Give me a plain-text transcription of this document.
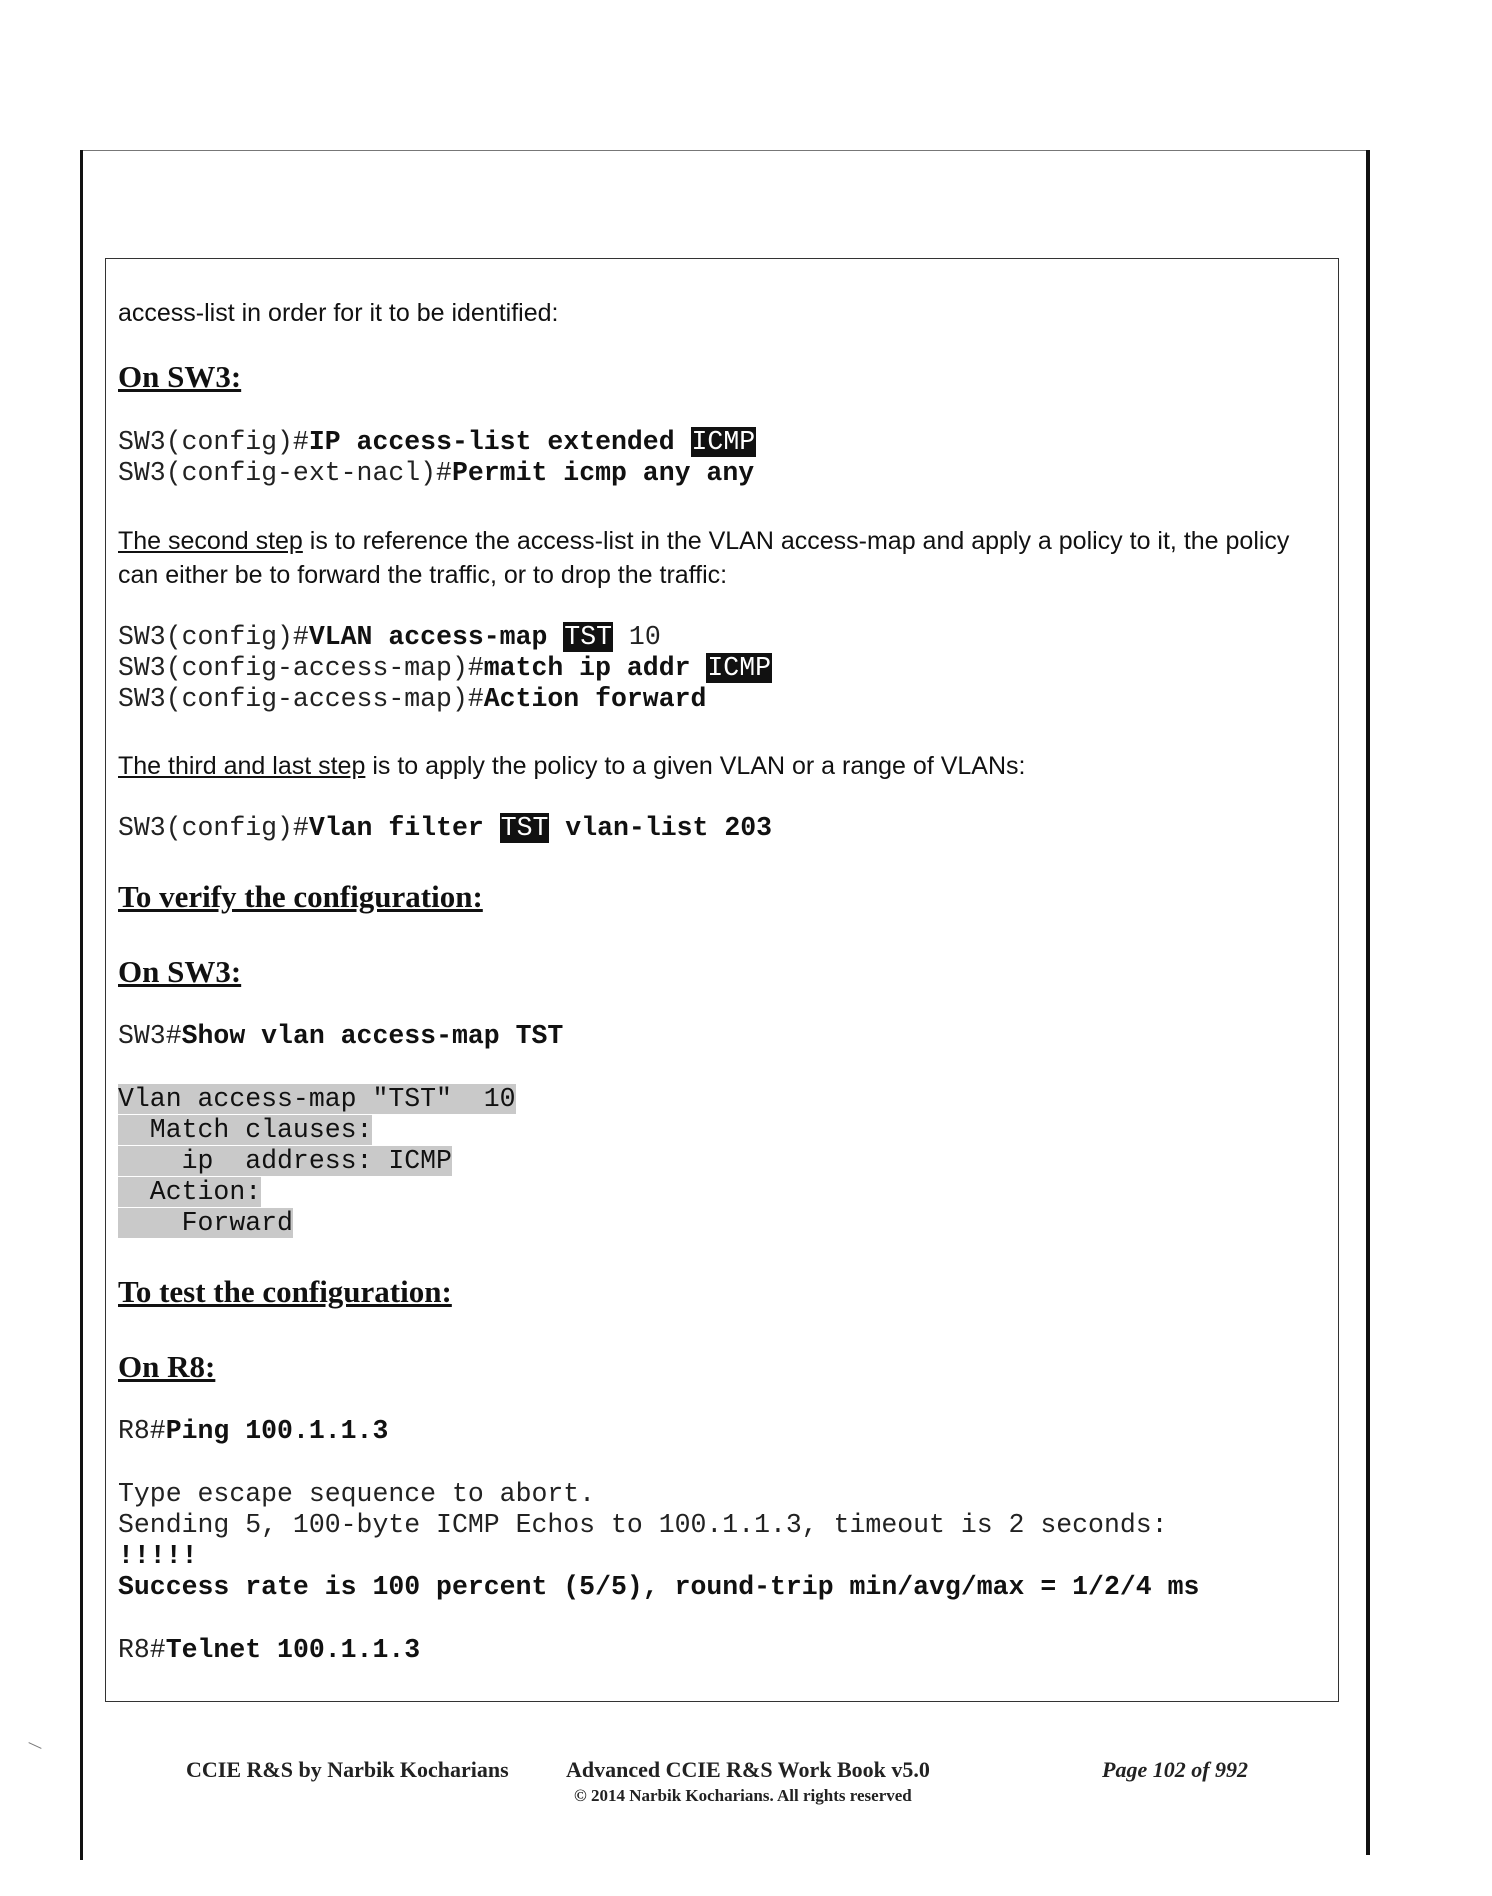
access-list in order for it to be identified:
On SW3:
SW3(config)#IP access-list extended ICMP
SW3(config-ext-nacl)#Permit icmp any any
The second step is to reference the access-list in the VLAN access-map and apply a policy to it, the policy
can either be to forward the traffic, or to drop the traffic:
SW3(config)#VLAN access-map TST 10
SW3(config-access-map)#match ip addr ICMP
SW3(config-access-map)#Action forward
The third and last step is to apply the policy to a given VLAN or a range of VLANs:
SW3(config)#Vlan filter TST vlan-list 203
To verify the configuration:
On SW3:
SW3#Show vlan access-map TST
Vlan access-map "TST"  10
Match clauses:
ip  address: ICMP
Action:
Forward
To test the configuration:
On R8:
R8#Ping 100.1.1.3
Type escape sequence to abort.
Sending 5, 100-byte ICMP Echos to 100.1.1.3, timeout is 2 seconds:
!!!!!
Success rate is 100 percent (5/5), round-trip min/avg/max = 1/2/4 ms
R8#Telnet 100.1.1.3
CCIE R&S by Narbik Kocharians	Advanced CCIE R&S Work Book v5.0
© 2014 Narbik Kocharians. All rights reserved
Page 102 of 992
